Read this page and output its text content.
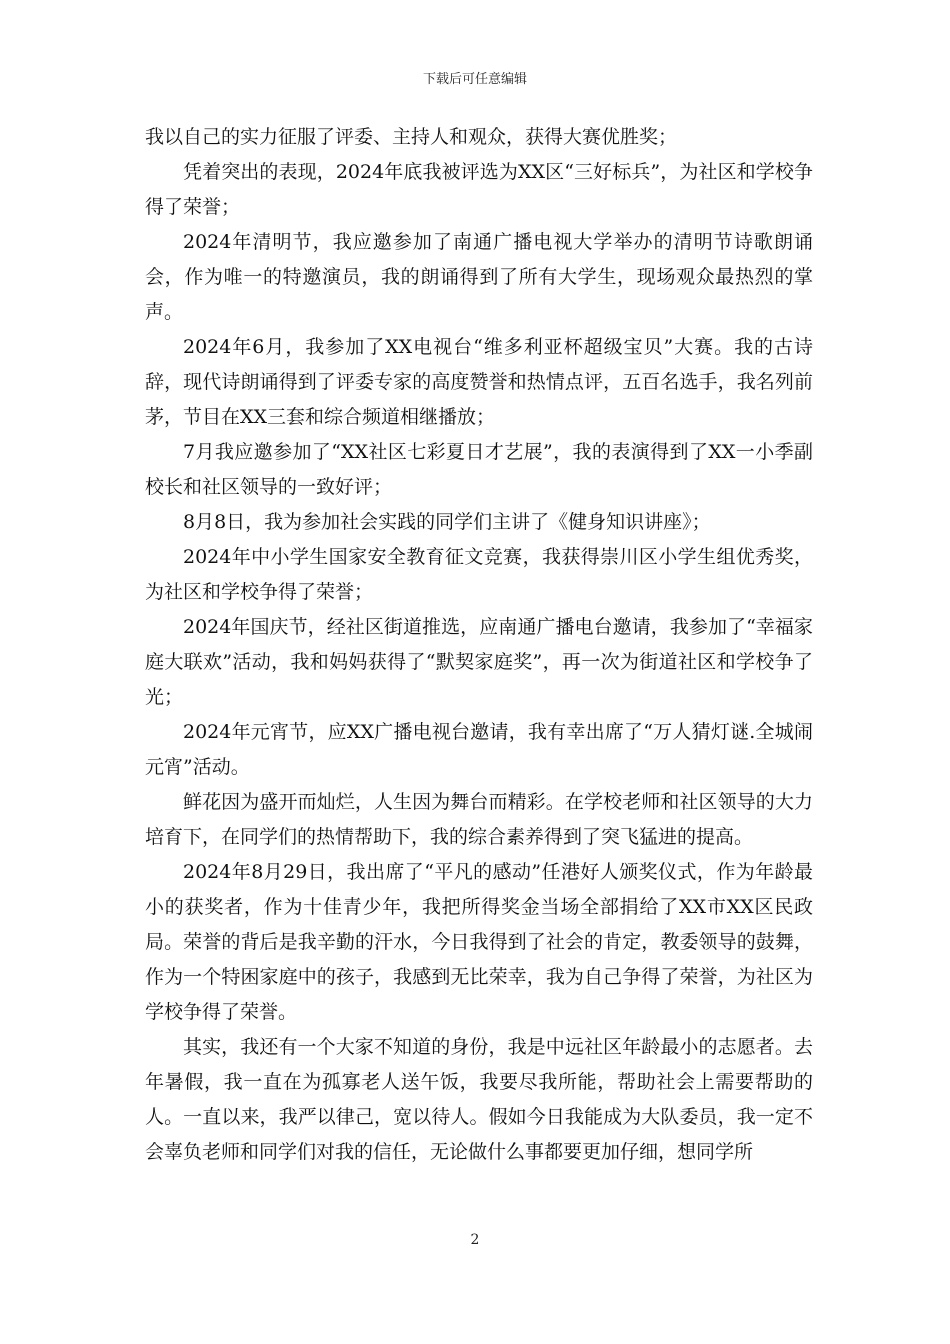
下载后可任意编辑

我以自己的实力征服了评委、主持人和观众，获得大赛优胜奖；

凭着突出的表现，2024年底我被评选为XX区“三好标兵”，为社区和学校争得了荣誉；

2024年清明节，我应邀参加了南通广播电视大学举办的清明节诗歌朗诵会，作为唯一的特邀演员，我的朗诵得到了所有大学生，现场观众最热烈的掌声。

2024年6月，我参加了XX电视台“维多利亚杯超级宝贝”大赛。我的古诗辞，现代诗朗诵得到了评委专家的高度赞誉和热情点评，五百名选手，我名列前茅，节目在XX三套和综合频道相继播放；

7月我应邀参加了“XX社区七彩夏日才艺展”，我的表演得到了XX一小季副校长和社区领导的一致好评；

8月8日，我为参加社会实践的同学们主讲了《健身知识讲座》；

2024年中小学生国家安全教育征文竞赛，我获得崇川区小学生组优秀奖，为社区和学校争得了荣誉；

2024年国庆节，经社区街道推选，应南通广播电台邀请，我参加了“幸福家庭大联欢”活动，我和妈妈获得了“默契家庭奖”，再一次为街道社区和学校争了光；

2024年元宵节，应XX广播电视台邀请，我有幸出席了“万人猜灯谜.全城闹元宵”活动。

鲜花因为盛开而灿烂，人生因为舞台而精彩。在学校老师和社区领导的大力培育下，在同学们的热情帮助下，我的综合素养得到了突飞猛进的提高。

2024年8月29日，我出席了“平凡的感动”任港好人颁奖仪式，作为年龄最小的获奖者，作为十佳青少年，我把所得奖金当场全部捐给了XX市XX区民政局。荣誉的背后是我辛勤的汗水，今日我得到了社会的肯定，教委领导的鼓舞，作为一个特困家庭中的孩子，我感到无比荣幸，我为自己争得了荣誉，为社区为学校争得了荣誉。

其实，我还有一个大家不知道的身份，我是中远社区年龄最小的志愿者。去年暑假，我一直在为孤寡老人送午饭，我要尽我所能，帮助社会上需要帮助的人。一直以来，我严以律己，宽以待人。假如今日我能成为大队委员，我一定不会辜负老师和同学们对我的信任，无论做什么事都要更加仔细，想同学所

2
